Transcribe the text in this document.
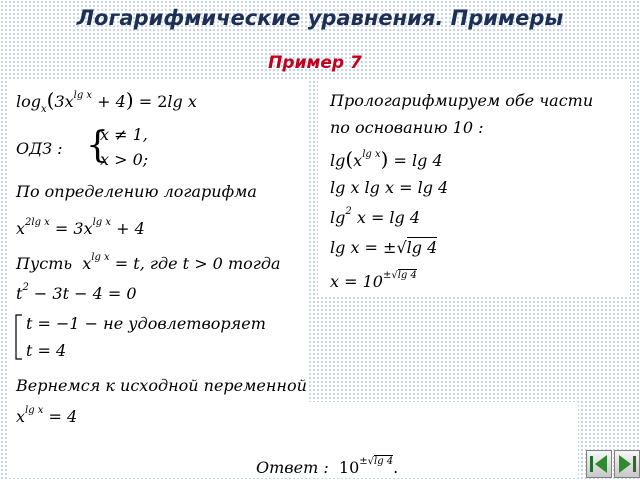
Логарифмические уравнения. Примеры
Пример 7
$\log_x(3x^{lg x} + 4) = 2\lg$ x
ОДЗ : {
x ≠ 1,
x > 0;
По определению логарифма
$x^{2lg x} = 3x^{lg x} + 4$
Пусть $x^{lg x} = t$, где t > 0 тогда
$t^2 - 3t - 4 = 0$
t = −1 − не удовлетворяет
t = 4
Вернемся к исходной переменной
$x^{lg x} = 4$
Прологарифмируем обе части
по основанию 10 :
$\lg(x^{lg x}) = \lg 4$
lg x lg x = lg 4
$\lg^2 x = \lg 4$
lg x = ±√lg 4
$x = 10^{\pm√lg 4}$
Ответ : $10^{\pm√lg 4}$.
